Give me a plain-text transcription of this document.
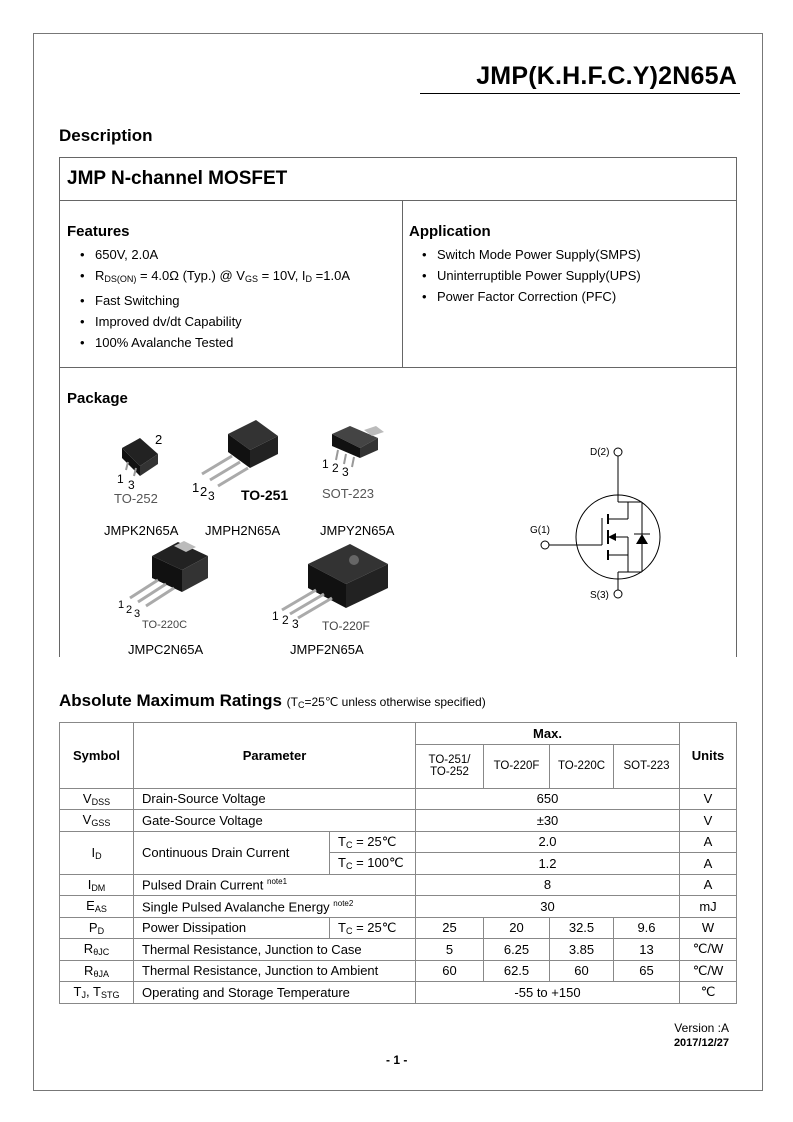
JMP(K.H.F.C.Y)2N65A
Description
JMP N-channel MOSFET
Features
• 650V, 2.0A
• $R_{DS(ON)} = 4.0\Omega$ (Typ.) @ $V_{GS} = 10V$, $I_D =1.0A$
• Fast Switching
• Improved dv/dt Capability
• 100% Avalanche Tested
Application
• Switch Mode Power Supply(SMPS)
• Uninterruptible Power Supply(UPS)
• Power Factor Correction (PFC)
Package
2
1 3
TO-252
1 2 3 TO-251
1 2 3
SOT-223
1 2 3
TO-220C
1 2 3 TO-220F
JMPK2N65A JMPH2N65A	JMPY2N65A
JMPC2N65A	JMPF2N65A
D(2)
G(1)
S(3)
Absolute Maximum Ratings ($T_C=25℃$ unless otherwise specified)
Symbol	Parameter		Max.				Units
			TO-251/
TO-252	TO-220F	TO-220C	SOT-223	
$V_{DSS}$	Drain-Source Voltage		650				V
$V_{GSS}$	Gate-Source Voltage		±30				V
$I_D$	Continuous Drain Current	$T_C$ = 25℃	2.0				A
		$T_C$ = 100℃	1.2				A
$I_{DM}$	Pulsed Drain Current $^{note1}$		8				A
$E_{AS}$	Single Pulsed Avalanche Energy $^{note2}$		30				mJ
$P_D$	Power Dissipation	$T_C$ = 25℃	25	20	32.5	9.6	W
$R_{\theta JC}$	Thermal Resistance, Junction to Case		5	6.25	3.85	13	℃/W
$R_{\theta JA}$	Thermal Resistance, Junction to Ambient		60	62.5	60	65	℃/W
$T_J$, $T_{STG}$	Operating and Storage Temperature		-55 to +150				℃
Version :A
2017/12/27
- 1 -
